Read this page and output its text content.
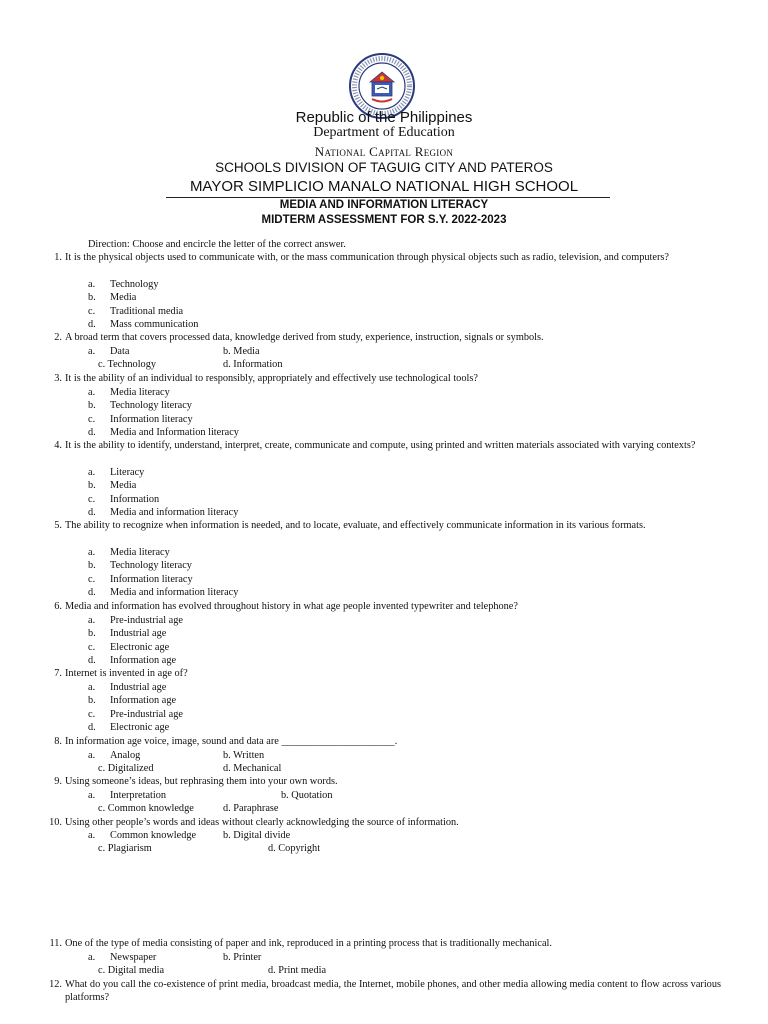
Republic of the Philippines
Department of Education
National Capital Region
SCHOOLS DIVISION OF TAGUIG CITY AND PATEROS
MAYOR SIMPLICIO MANALO NATIONAL HIGH SCHOOL
MEDIA AND INFORMATION LITERACY
MIDTERM ASSESSMENT FOR S.Y. 2022-2023
Direction: Choose and encircle the letter of the correct answer.
1. It is the physical objects used to communicate with, or the mass communication through physical objects such as radio, television, and computers?
a. Technology
b. Media
c. Traditional media
d. Mass communication
2. A broad term that covers processed data, knowledge derived from study, experience, instruction, signals or symbols.
a. Data	b. Media
c. Technology	d. Information
3. It is the ability of an individual to responsibly, appropriately and effectively use technological tools?
a. Media literacy
b. Technology literacy
c. Information literacy
d. Media and Information literacy
4. It is the ability to identify, understand, interpret, create, communicate and compute, using printed and written materials associated with varying contexts?
a. Literacy
b. Media
c. Information
d. Media and information literacy
5. The ability to recognize when information is needed, and to locate, evaluate, and effectively communicate information in its various formats.
a. Media literacy
b. Technology literacy
c. Information literacy
d. Media and information literacy
6. Media and information has evolved throughout history in what age people invented typewriter and telephone?
a. Pre-industrial age
b. Industrial age
c. Electronic age
d. Information age
7. Internet is invented in age of?
a. Industrial age
b. Information age
c. Pre-industrial age
d. Electronic age
8. In information age voice, image, sound and data are ______________________.
a. Analog	b. Written
c. Digitalized	d. Mechanical
9. Using someone’s ideas, but rephrasing them into your own words.
a. Interpretation	b. Quotation
c. Common knowledge	d. Paraphrase
10. Using other people’s words and ideas without clearly acknowledging the source of information.
a. Common knowledge	b. Digital divide
c. Plagiarism	d. Copyright
11. One of the type of media consisting of paper and ink, reproduced in a printing process that is traditionally mechanical.
a. Newspaper	b. Printer
c. Digital media	d. Print media
12. What do you call the co-existence of print media, broadcast media, the Internet, mobile phones, and other media allowing media content to flow across various platforms?
